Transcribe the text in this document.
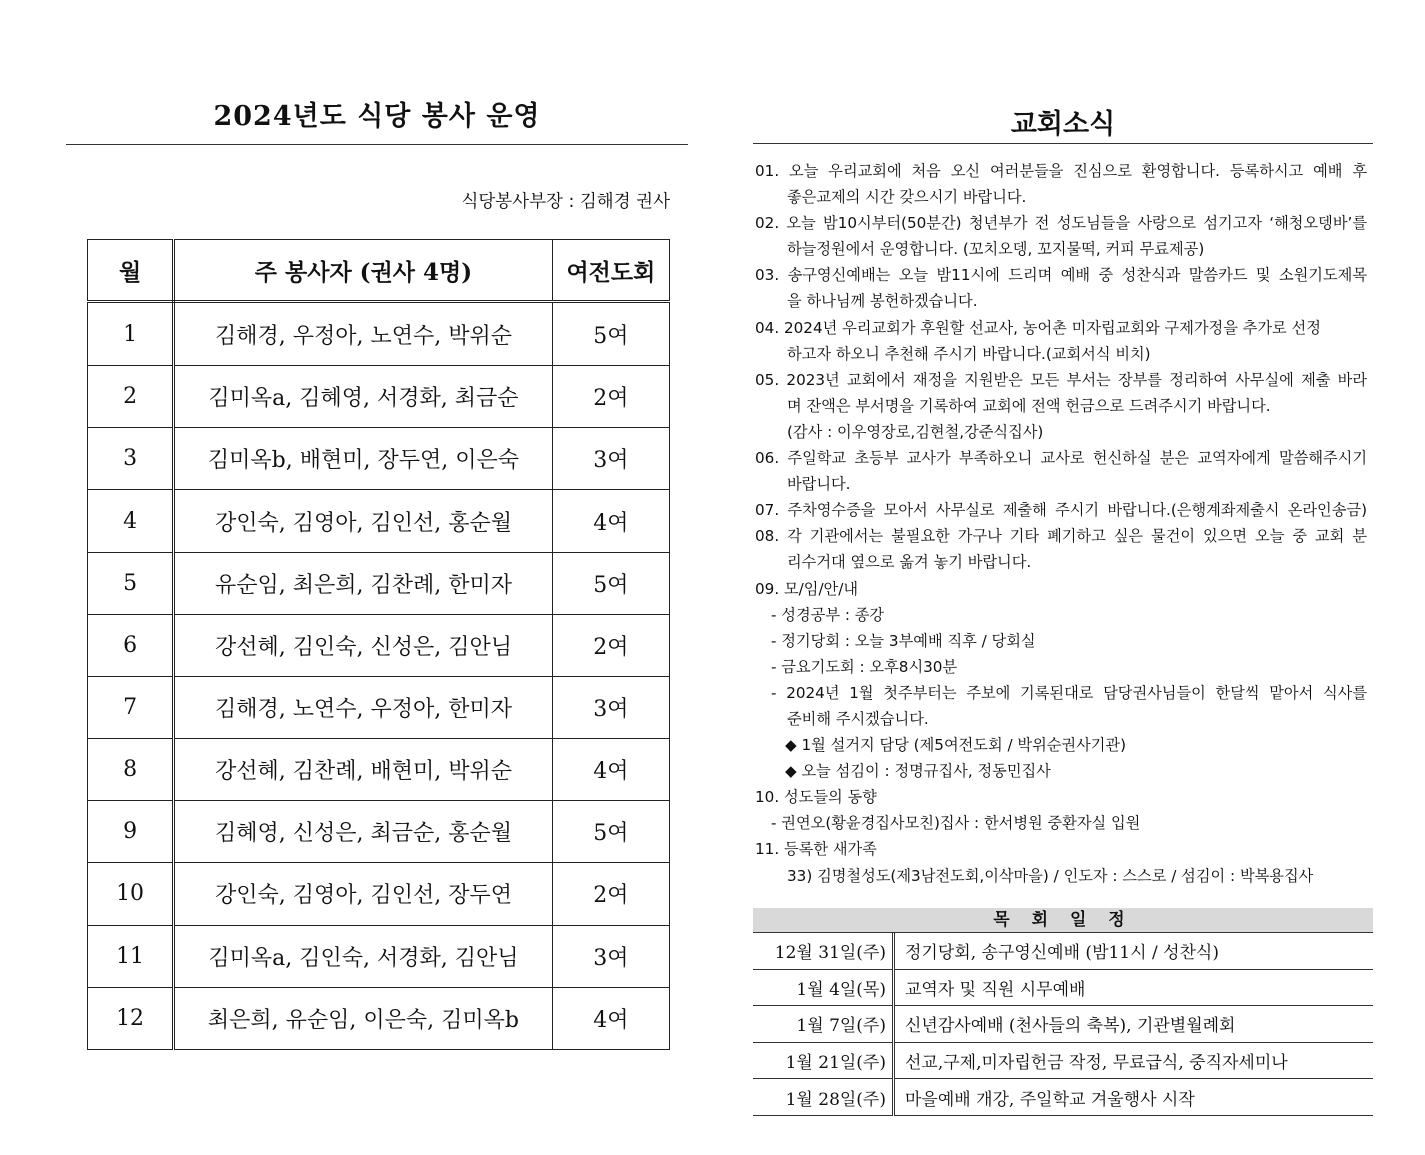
2024년도 식당 봉사 운영
식당봉사부장 : 김해경 권사
월	주 봉사자 (권사 4명)	여전도회
1	김해경, 우정아, 노연수, 박위순	5여
2	김미옥a, 김혜영, 서경화, 최금순	2여
3	김미옥b, 배현미, 장두연, 이은숙	3여
4	강인숙, 김영아, 김인선, 홍순월	4여
5	유순임, 최은희, 김찬례, 한미자	5여
6	강선혜, 김인숙, 신성은, 김안님	2여
7	김해경, 노연수, 우정아, 한미자	3여
8	강선혜, 김찬례, 배현미, 박위순	4여
9	김혜영, 신성은, 최금순, 홍순월	5여
10	강인숙, 김영아, 김인선, 장두연	2여
11	김미옥a, 김인숙, 서경화, 김안님	3여
12	최은희, 유순임, 이은숙, 김미옥b	4여
교회소식
01. 오늘 우리교회에 처음 오신 여러분들을 진심으로 환영합니다. 등록하시고 예배 후
좋은교제의 시간 갖으시기 바랍니다.
02. 오늘 밤10시부터(50분간) 청년부가 전 성도님들을 사랑으로 섬기고자 ‘해청오뎅바’를
하늘정원에서 운영합니다. (꼬치오뎅, 꼬지물떡, 커피 무료제공)
03. 송구영신예배는 오늘 밤11시에 드리며 예배 중 성찬식과 말씀카드 및 소원기도제목
을 하나님께 봉헌하겠습니다.
04. 2024년 우리교회가 후원할 선교사, 농어촌 미자립교회와 구제가정을 추가로 선정
하고자 하오니 추천해 주시기 바랍니다.(교회서식 비치)
05. 2023년 교회에서 재정을 지원받은 모든 부서는 장부를 정리하여 사무실에 제출 바라
며 잔액은 부서명을 기록하여 교회에 전액 헌금으로 드려주시기 바랍니다.
(감사 : 이우영장로,김현철,강준식집사)
06. 주일학교 초등부 교사가 부족하오니 교사로 헌신하실 분은 교역자에게 말씀해주시기
바랍니다.
07. 주차영수증을 모아서 사무실로 제출해 주시기 바랍니다.(은행계좌제출시 온라인송금)
08. 각 기관에서는 불필요한 가구나 기타 폐기하고 싶은 물건이 있으면 오늘 중 교회 분
리수거대 옆으로 옮겨 놓기 바랍니다.
09. 모/임/안/내
- 성경공부 : 종강
- 정기당회 : 오늘 3부예배 직후 / 당회실
- 금요기도회 : 오후8시30분
- 2024년 1월 첫주부터는 주보에 기록된대로 담당권사님들이 한달씩 맡아서 식사를
준비해 주시겠습니다.
◆ 1월 설거지 담당 (제5여전도회 / 박위순권사기관)
◆ 오늘 섬김이 : 정명규집사, 정동민집사
10. 성도들의 동향
- 권연오(황윤경집사모친)집사 : 한서병원 중환자실 입원
11. 등록한 새가족
33) 김명철성도(제3남전도회,이삭마을) / 인도자 : 스스로 / 섬김이 : 박복용집사
목 회 일 정
12월 31일(주)	정기당회, 송구영신예배 (밤11시 / 성찬식)
1월 4일(목)	교역자 및 직원 시무예배
1월 7일(주)	신년감사예배 (천사들의 축복), 기관별월례회
1월 21일(주)	선교,구제,미자립헌금 작정, 무료급식, 중직자세미나
1월 28일(주)	마을예배 개강, 주일학교 겨울행사 시작
